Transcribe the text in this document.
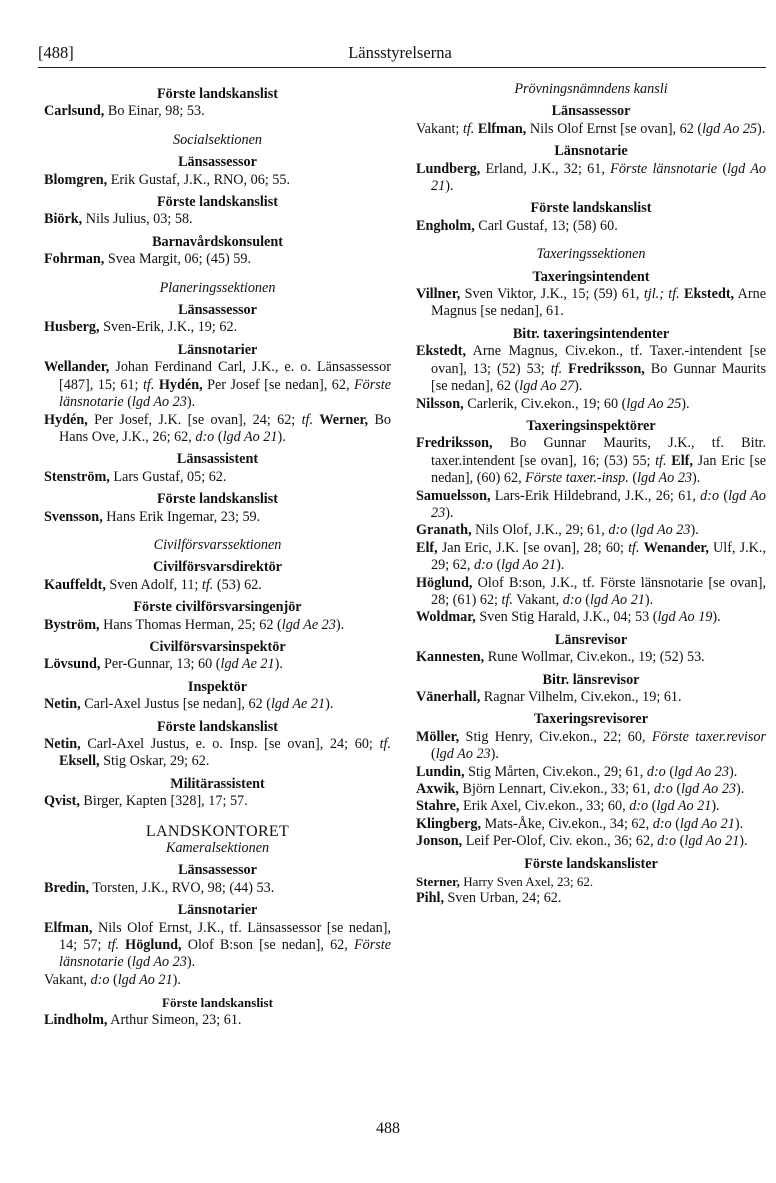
[488]	Länsstyrelserna
Förste landskanslist
Carlsund, Bo Einar, 98; 53.
Socialsektionen
Länsassessor
Blomgren, Erik Gustaf, J.K., RNO, 06; 55.
Förste landskanslist
Biörk, Nils Julius, 03; 58.
Barnavårdskonsulent
Fohrman, Svea Margit, 06; (45) 59.
Planeringssektionen
Länsassessor
Husberg, Sven-Erik, J.K., 19; 62.
Länsnotarier
Wellander, Johan Ferdinand Carl, J.K., e. o. Länsassessor [487], 15; 61; tf. Hydén, Per Josef [se nedan], 62, Förste länsnotarie (lgd Ao 23).
Hydén, Per Josef, J.K. [se ovan], 24; 62; tf. Werner, Bo Hans Ove, J.K., 26; 62, d:o (lgd Ao 21).
Länsassistent
Stenström, Lars Gustaf, 05; 62.
Förste landskanslist
Svensson, Hans Erik Ingemar, 23; 59.
Civilförsvarssektionen
Civilförsvarsdirektör
Kauffeldt, Sven Adolf, 11; tf. (53) 62.
Förste civilförsvarsingenjör
Byström, Hans Thomas Herman, 25; 62 (lgd Ae 23).
Civilförsvarsinspektör
Lövsund, Per-Gunnar, 13; 60 (lgd Ae 21).
Inspektör
Netin, Carl-Axel Justus [se nedan], 62 (lgd Ae 21).
Förste landskanslist
Netin, Carl-Axel Justus, e. o. Insp. [se ovan], 24; 60; tf. Eksell, Stig Oskar, 29; 62.
Militärassistent
Qvist, Birger, Kapten [328], 17; 57.
LANDSKONTORET
Kameralsektionen
Länsassessor
Bredin, Torsten, J.K., RVO, 98; (44) 53.
Länsnotarier
Elfman, Nils Olof Ernst, J.K., tf. Länsassessor [se nedan], 14; 57; tf. Höglund, Olof B:son [se nedan], 62, Förste länsnotarie (lgd Ao 23).
Vakant, d:o (lgd Ao 21).
Förste landskanslist
Lindholm, Arthur Simeon, 23; 61.
Prövningsnämndens kansli
Länsassessor
Vakant; tf. Elfman, Nils Olof Ernst [se ovan], 62 (lgd Ao 25).
Länsnotarie
Lundberg, Erland, J.K., 32; 61, Förste länsnotarie (lgd Ao 21).
Förste landskanslist
Engholm, Carl Gustaf, 13; (58) 60.
Taxeringssektionen
Taxeringsintendent
Villner, Sven Viktor, J.K., 15; (59) 61, tjl.; tf. Ekstedt, Arne Magnus [se nedan], 61.
Bitr. taxeringsintendenter
Ekstedt, Arne Magnus, Civ.ekon., tf. Taxer.-intendent [se ovan], 13; (52) 53; tf. Fredriksson, Bo Gunnar Maurits [se nedan], 62 (lgd Ao 27).
Nilsson, Carlerik, Civ.ekon., 19; 60 (lgd Ao 25).
Taxeringsinspektörer
Fredriksson, Bo Gunnar Maurits, J.K., tf. Bitr. taxer.intendent [se ovan], 16; (53) 55; tf. Elf, Jan Eric [se nedan], (60) 62, Förste taxer.-insp. (lgd Ao 23).
Samuelsson, Lars-Erik Hildebrand, J.K., 26; 61, d:o (lgd Ao 23).
Granath, Nils Olof, J.K., 29; 61, d:o (lgd Ao 23).
Elf, Jan Eric, J.K. [se ovan], 28; 60; tf. Wenander, Ulf, J.K., 29; 62, d:o (lgd Ao 21).
Höglund, Olof B:son, J.K., tf. Förste länsnotarie [se ovan], 28; (61) 62; tf. Vakant, d:o (lgd Ao 21).
Woldmar, Sven Stig Harald, J.K., 04; 53 (lgd Ao 19).
Länsrevisor
Kannesten, Rune Wollmar, Civ.ekon., 19; (52) 53.
Bitr. länsrevisor
Vänerhall, Ragnar Vilhelm, Civ.ekon., 19; 61.
Taxeringsrevisorer
Möller, Stig Henry, Civ.ekon., 22; 60, Förste taxer.revisor (lgd Ao 23).
Lundin, Stig Mårten, Civ.ekon., 29; 61, d:o (lgd Ao 23).
Axwik, Björn Lennart, Civ.ekon., 33; 61, d:o (lgd Ao 23).
Stahre, Erik Axel, Civ.ekon., 33; 60, d:o (lgd Ao 21).
Klingberg, Mats-Åke, Civ.ekon., 34; 62, d:o (lgd Ao 21).
Jonson, Leif Per-Olof, Civ. ekon., 36; 62, d:o (lgd Ao 21).
Förste landskanslister
Sterner, Harry Sven Axel, 23; 62.
Pihl, Sven Urban, 24; 62.
488
